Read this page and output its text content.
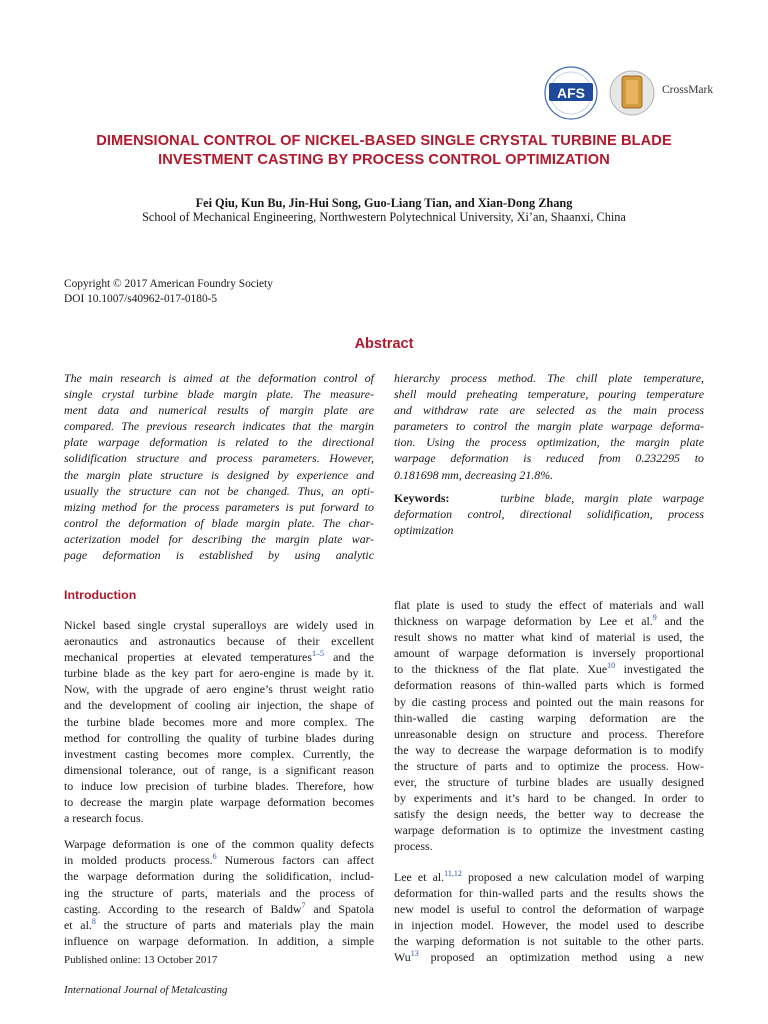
AFS	CrossMark
DIMENSIONAL CONTROL OF NICKEL-BASED SINGLE CRYSTAL TURBINE BLADE
INVESTMENT CASTING BY PROCESS CONTROL OPTIMIZATION
Fei Qiu, Kun Bu, Jin-Hui Song, Guo-Liang Tian, and Xian-Dong Zhang
School of Mechanical Engineering, Northwestern Polytechnical University, Xi’an, Shaanxi, China
Copyright © 2017 American Foundry Society
DOI 10.1007/s40962-017-0180-5
Abstract
The main research is aimed at the deformation control of
single crystal turbine blade margin plate. The measure-
ment data and numerical results of margin plate are
compared. The previous research indicates that the margin
plate warpage deformation is related to the directional
solidification structure and process parameters. However,
the margin plate structure is designed by experience and
usually the structure can not be changed. Thus, an opti-
mizing method for the process parameters is put forward to
control the deformation of blade margin plate. The char-
acterization model for describing the margin plate war-
page deformation is established by using analytic
hierarchy process method. The chill plate temperature,
shell mould preheating temperature, pouring temperature
and withdraw rate are selected as the main process
parameters to control the margin plate warpage deforma-
tion. Using the process optimization, the margin plate
warpage deformation is reduced from 0.232295 to
0.181698 mm, decreasing 21.8%.
Keywords:	turbine blade, margin plate warpage
deformation control, directional solidification, process
optimization
Introduction
Nickel based single crystal superalloys are widely used in
aeronautics and astronautics because of their excellent
mechanical properties at elevated temperatures$^{1-5}$ and the
turbine blade as the key part for aero-engine is made by it.
Now, with the upgrade of aero engine’s thrust weight ratio
and the development of cooling air injection, the shape of
the turbine blade becomes more and more complex. The
method for controlling the quality of turbine blades during
investment casting becomes more complex. Currently, the
dimensional tolerance, out of range, is a significant reason
to induce low precision of turbine blades. Therefore, how
to decrease the margin plate warpage deformation becomes
a research focus.
Warpage deformation is one of the common quality defects
in molded products process.$^6$ Numerous factors can affect
the warpage deformation during the solidification, includ-
ing the structure of parts, materials and the process of
casting. According to the research of Baldw$^7$ and Spatola
et al.$^8$ the structure of parts and materials play the main
influence on warpage deformation. In addition, a simple
flat plate is used to study the effect of materials and wall
thickness on warpage deformation by Lee et al.$^9$ and the
result shows no matter what kind of material is used, the
amount of warpage deformation is inversely proportional
to the thickness of the flat plate. Xue$^{10}$ investigated the
deformation reasons of thin-walled parts which is formed
by die casting process and pointed out the main reasons for
thin-walled die casting warping deformation are the
unreasonable design on structure and process. Therefore
the way to decrease the warpage deformation is to modify
the structure of parts and to optimize the process. How-
ever, the structure of turbine blades are usually designed
by experiments and it’s hard to be changed. In order to
satisfy the design needs, the better way to decrease the
warpage deformation is to optimize the investment casting
process.
Lee et al.$^{11,12}$ proposed a new calculation model of warping
deformation for thin-walled parts and the results shows the
new model is useful to control the deformation of warpage
in injection model. However, the model used to describe
the warping deformation is not suitable to the other parts.
Wu$^{13}$ proposed an optimization method using a new
Published online: 13 October 2017
International Journal of Metalcasting
